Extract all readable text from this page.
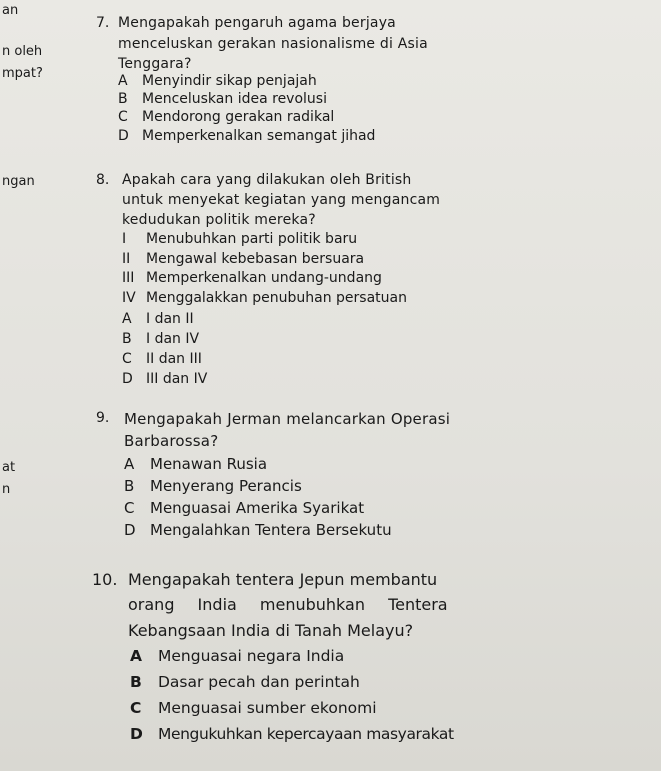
an
n oleh
mpat?
ngan
at
n
7. Mengapakah pengaruh agama berjaya
menceluskan gerakan nasionalisme di Asia
Tenggara?
A Menyindir sikap penjajah
B Menceluskan idea revolusi
C Mendorong gerakan radikal
D Memperkenalkan semangat jihad
8. Apakah cara yang dilakukan oleh British
untuk menyekat kegiatan yang mengancam
kedudukan politik mereka?
I Menubuhkan parti politik baru
II Mengawal kebebasan bersuara
III Memperkenalkan undang-undang
IV Menggalakkan penubuhan persatuan
A I dan II
B I dan IV
C II dan III
D III dan IV
9. Mengapakah Jerman melancarkan Operasi
Barbarossa?
A Menawan Rusia
B Menyerang Perancis
C Menguasai Amerika Syarikat
D Mengalahkan Tentera Bersekutu
10. Mengapakah tentera Jepun membantu
orang India menubuhkan Tentera
Kebangsaan India di Tanah Melayu?
A Menguasai negara India
B Dasar pecah dan perintah
C Menguasai sumber ekonomi
D Mengukuhkan kepercayaan masyarakat
